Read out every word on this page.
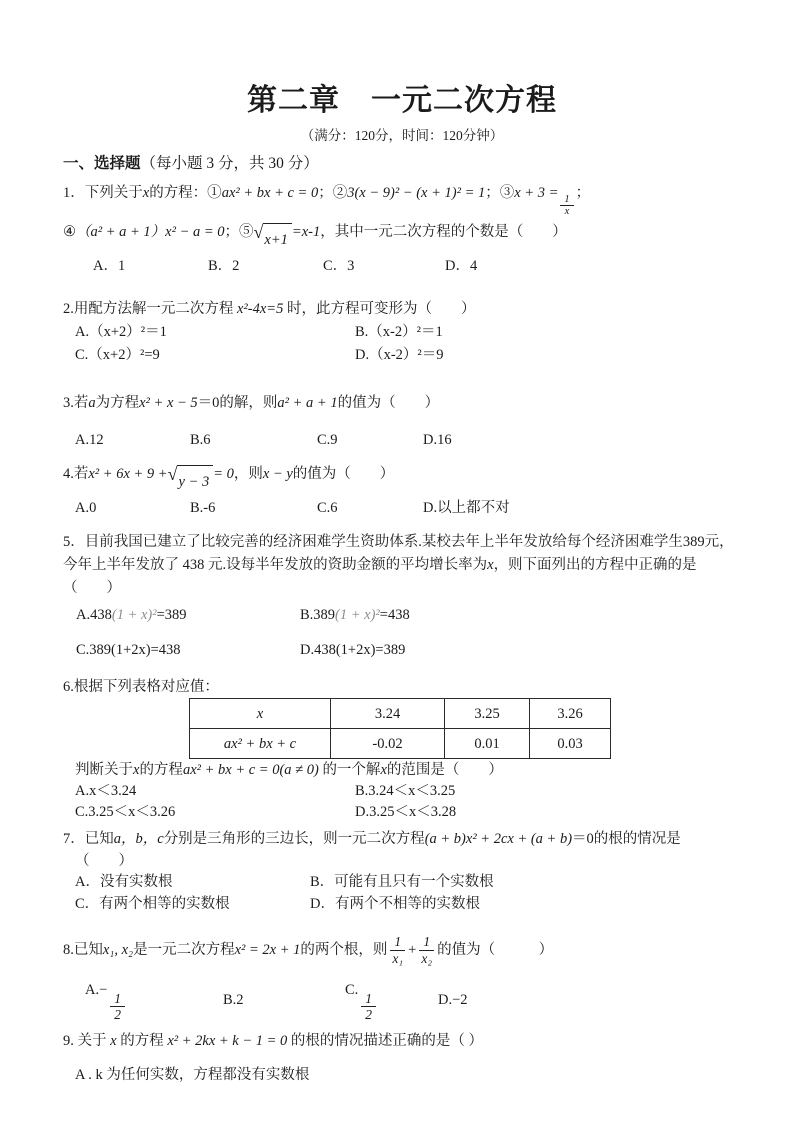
第二章　一元二次方程
（满分：120分，时间：120分钟）
一、选择题（每小题 3 分，共 30 分）
1．下列关于x的方程：①ax² + bx + c = 0；②3(x − 9)² − (x + 1)² = 1；③x + 3 =
$\frac{1}{x}$
；
④（a² + a + 1）x² − a = 0；⑤ √ x+1 =x-1，其中一元二次方程的个数是（　　）
A．1	B．2	C．3	D．4
2.用配方法解一元二次方程 x²-4x=5 时，此方程可变形为（　　）
A.（x+2）²＝1	B.（x-2）²＝1
C.（x+2）²=9	D.（x-2）²＝9
3.若a为方程x² + x − 5＝0的解，则a² + a + 1的值为（　　）
A.12	B.6	C.9	D.16
4.若x² + 6x + 9 + √ y − 3 = 0，则x − y的值为（　　）
A.0	B.-6	C.6	D.以上都不对
5．目前我国已建立了比较完善的经济困难学生资助体系.某校去年上半年发放给每个经济困难学生389元，
今年上半年发放了 438 元.设每半年发放的资助金额的平均增长率为x，则下面列出的方程中正确的是
（　　）
A.438(1 + x)²=389	B.389(1 + x)²=438
C.389(1+2x)=438	D.438(1+2x)=389
6.根据下列表格对应值：
x	3.24	3.25	3.26
ax² + bx + c	-0.02	0.01	0.03
判断关于x的方程ax² + bx + c = 0(a ≠ 0) 的一个解x的范围是（　　）
A.x＜3.24	B.3.24＜x＜3.25
C.3.25＜x＜3.26	D.3.25＜x＜3.28
7．已知a，b，c分别是三角形的三边长，则一元二次方程(a + b)x² + 2cx + (a + b)＝0的根的情况是
（　　）
A．没有实数根	B．可能有且只有一个实数根
C．有两个相等的实数根	D．有两个不相等的实数根
8.已知 x₁, x₂ 是一元二次方程 x² = 2x + 1 的两个根，则 $\frac{1}{\text{x₁}} + \frac{1}{\text{x₂}}$ 的值为（　　　）
A.−
$\frac{1}{2}$	B.2
C.
$\frac{1}{2}$	D.−2
9. 关于 x 的方程 x² + 2kx + k − 1 = 0 的根的情况描述正确的是（ ）
A . k 为任何实数，方程都没有实数根
